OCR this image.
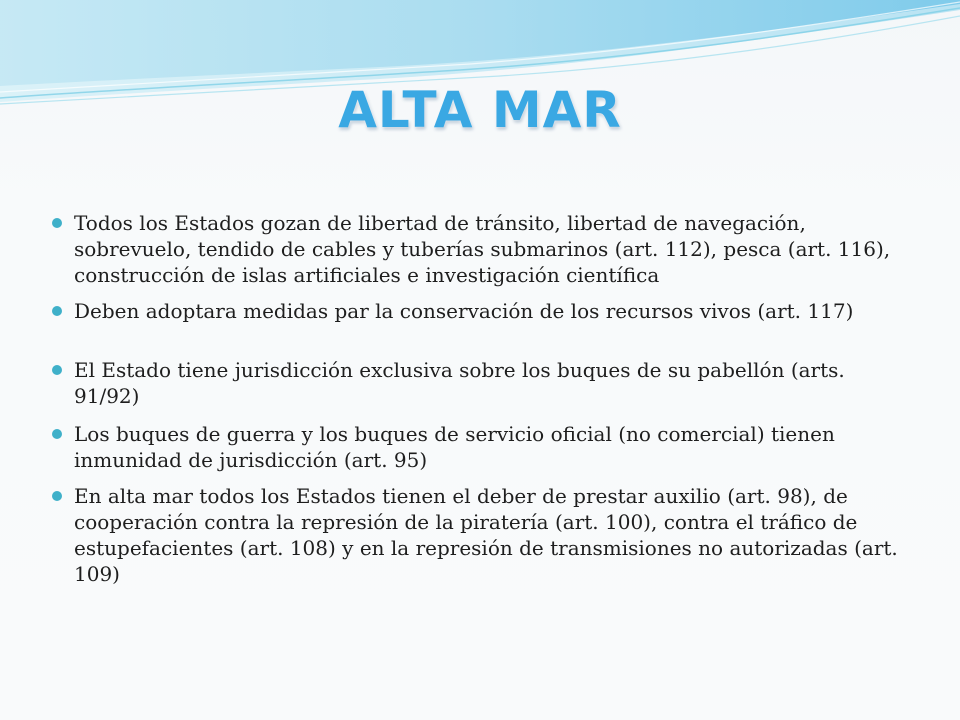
ALTA MAR
Todos los Estados gozan de libertad de tránsito, libertad de navegación, sobrevuelo, tendido de cables y tuberías submarinos (art. 112), pesca (art. 116), construcción de islas artificiales e investigación científica
Deben adoptara medidas par la conservación de los recursos vivos (art. 117)
El Estado tiene jurisdicción exclusiva sobre los buques de su pabellón (arts. 91/92)
Los buques de guerra y los buques de servicio oficial (no comercial) tienen inmunidad de jurisdicción (art. 95)
En alta mar todos los Estados tienen el deber de prestar auxilio (art. 98), de cooperación contra la represión de la piratería (art. 100), contra el tráfico de estupefacientes (art. 108) y en la represión de transmisiones no autorizadas (art. 109)
